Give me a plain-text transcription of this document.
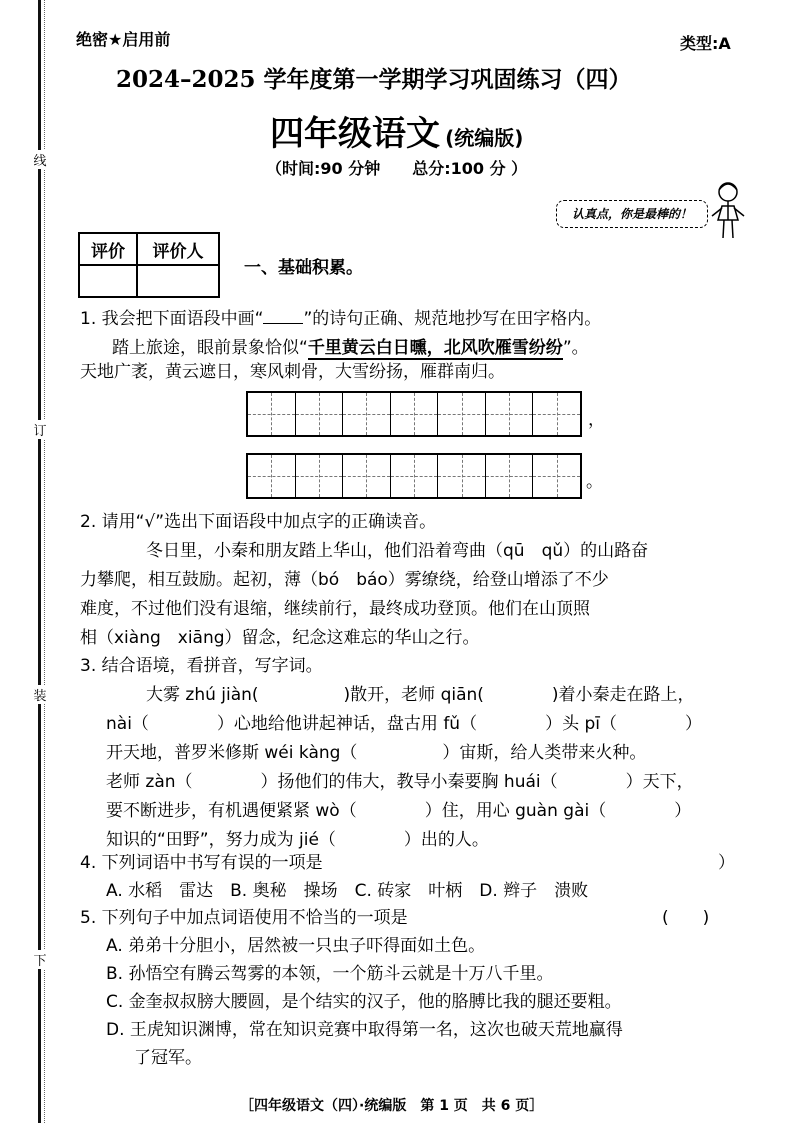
线
订
装
下
绝密★启用前	类型:A
2024–2025 学年度第一学期学习巩固练习（四）
四年级语文 (统编版)
（时间:90 分钟　　总分:100 分 ）
认真点，你是最棒的！
评价	评价人

一、基础积累。
1. 我会把下面语段中画“ ”的诗句正确、规范地抄写在田字格内。
踏上旅途，眼前景象恰似“千里黄云白日曛，北风吹雁雪纷纷”。
天地广袤，黄云遮日，寒风刺骨，大雪纷扬，雁群南归。
，
。
2. 请用“√”选出下面语段中加点字的正确读音。
冬日里，小秦和朋友踏上华山，他们沿着弯曲（qū　qǔ）的山路奋
力攀爬，相互鼓励。起初，薄（bó　báo）雾缭绕，给登山增添了不少
难度，不过他们没有退缩，继续前行，最终成功登顶。他们在山顶照
相（xiàng　xiāng）留念，纪念这难忘的华山之行。
3. 结合语境，看拼音，写字词。
大雾 zhú jiàn(　　　　　)散开，老师 qiān(　　　　)着小秦走在路上，
nài（　　　　）心地给他讲起神话，盘古用 fǔ（　　　　）头 pī（　　　　）
开天地，普罗米修斯 wéi kàng（　　　　　）宙斯，给人类带来火种。
老师 zàn（　　　　）扬他们的伟大，教导小秦要胸 huái（　　　　）天下，
要不断进步，有机遇便紧紧 wò（　　　　）住，用心 guàn gài（　　　　）
知识的“田野”，努力成为 jié（　　　　）出的人。
4. 下列词语中书写有误的一项是	）
A. 水稻　雷达　B. 奥秘　操场　C. 砖家　叶柄　D. 辫子　溃败
5. 下列句子中加点词语使用不恰当的一项是	(　　)
A. 弟弟十分胆小，居然被一只虫子吓得面如土色。
B. 孙悟空有腾云驾雾的本领，一个筋斗云就是十万八千里。
C. 金奎叔叔膀大腰圆，是个结实的汉子，他的胳膊比我的腿还要粗。
D. 王虎知识渊博，常在知识竞赛中取得第一名，这次也破天荒地赢得
了冠军。
［四年级语文（四）·统编版　第 1 页　共 6 页］
